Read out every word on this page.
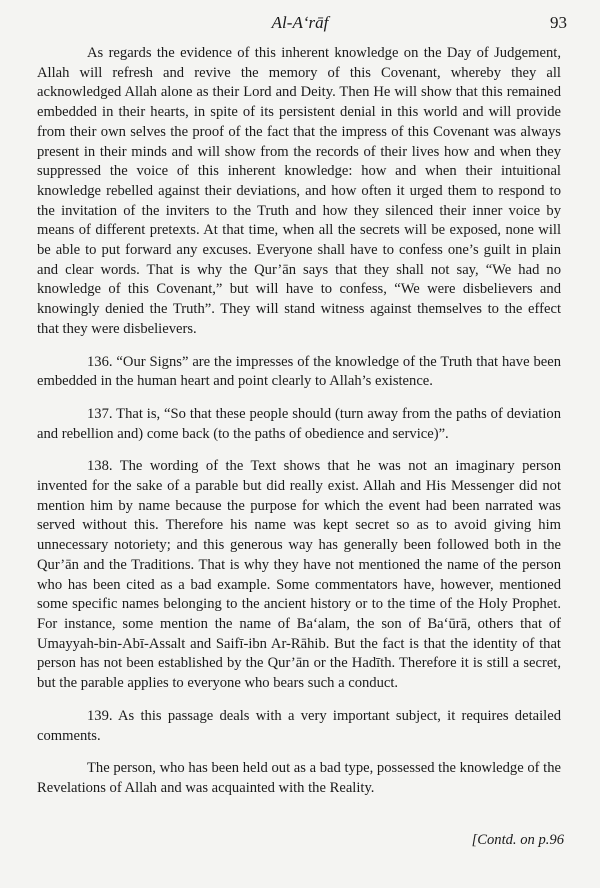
Al-A‘rāf	93

As regards the evidence of this inherent knowledge on the Day of Judgement, Allah will refresh and revive the memory of this Covenant, whereby they all acknowledged Allah alone as their Lord and Deity. Then He will show that this remained embedded in their hearts, in spite of its persistent denial in this world and will provide from their own selves the proof of the fact that the impress of this Covenant was always present in their minds and will show from the records of their lives how and when they suppressed the voice of this inherent knowledge: how and when their intuitional knowledge rebelled against their deviations, and how often it urged them to respond to the invitation of the inviters to the Truth and how they silenced their inner voice by means of different pretexts. At that time, when all the secrets will be exposed, none will be able to put forward any excuses. Everyone shall have to confess one’s guilt in plain and clear words. That is why the Qur’ān says that they shall not say, “We had no knowledge of this Covenant,” but will have to confess, “We were disbelievers and knowingly denied the Truth”. They will stand witness against themselves to the effect that they were disbelievers.

136. “Our Signs” are the impresses of the knowledge of the Truth that have been embedded in the human heart and point clearly to Allah’s existence.

137. That is, “So that these people should (turn away from the paths of deviation and rebellion and) come back (to the paths of obedience and service)”.

138. The wording of the Text shows that he was not an imaginary person invented for the sake of a parable but did really exist. Allah and His Messenger did not mention him by name because the purpose for which the event had been narrated was served without this. Therefore his name was kept secret so as to avoid giving him unnecessary notoriety; and this generous way has generally been followed both in the Qur’ān and the Traditions. That is why they have not mentioned the name of the person who has been cited as a bad example. Some commentators have, however, mentioned some specific names belonging to the ancient history or to the time of the Holy Prophet. For instance, some mention the name of Ba‘alam, the son of Ba‘ūrā, others that of Umayyah-bin-Abī-Assalt and Saifī-ibn Ar-Rāhib. But the fact is that the identity of that person has not been established by the Qur’ān or the Hadīth. Therefore it is still a secret, but the parable applies to everyone who bears such a conduct.

139. As this passage deals with a very important subject, it requires detailed comments.

The person, who has been held out as a bad type, possessed the knowledge of the Revelations of Allah and was acquainted with the Reality.

[Contd. on p.96
